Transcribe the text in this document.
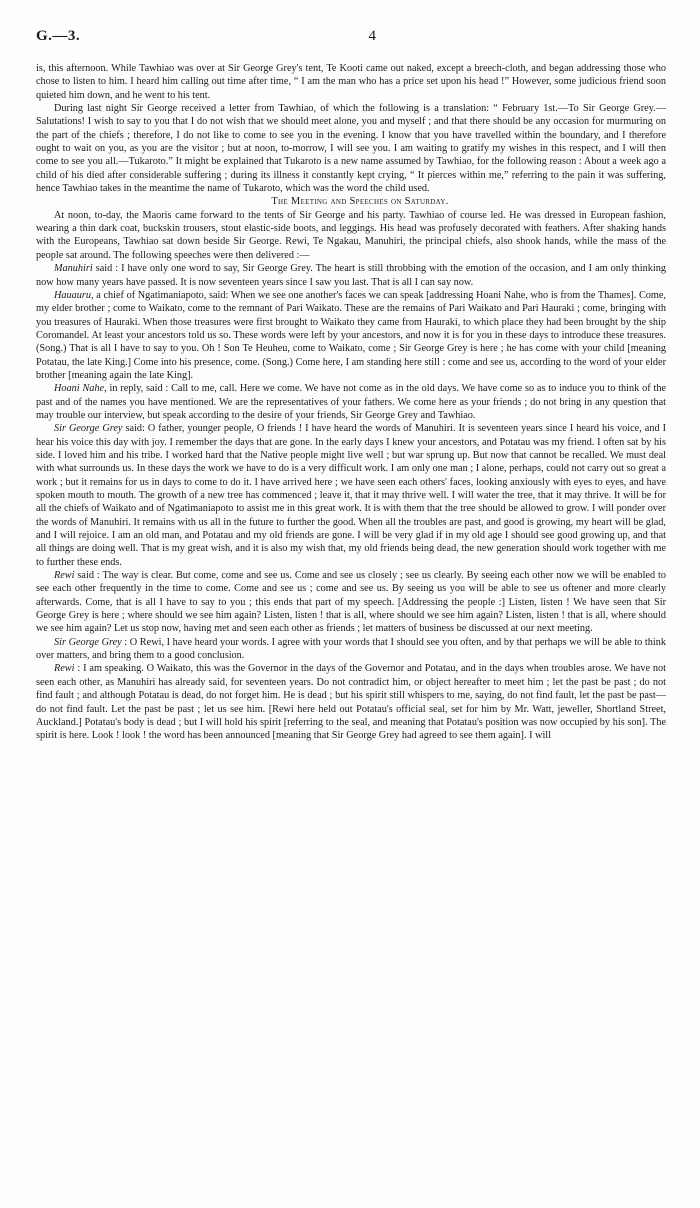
G.—3.	4

is, this afternoon. While Tawhiao was over at Sir George Grey's tent, Te Kooti came out naked, except a breech-cloth, and began addressing those who chose to listen to him. I heard him calling out time after time, “ I am the man who has a price set upon his head !” However, some judicious friend soon quieted him down, and he went to his tent.

During last night Sir George received a letter from Tawhiao, of which the following is a translation: “ February 1st.—To Sir George Grey.—Salutations! I wish to say to you that I do not wish that we should meet alone, you and myself ; and that there should be any occasion for murmuring on the part of the chiefs ; therefore, I do not like to come to see you in the evening. I know that you have travelled within the boundary, and I therefore ought to wait on you, as you are the visitor ; but at noon, to-morrow, I will see you. I am waiting to gratify my wishes in this respect, and I will then come to see you all.—Tukaroto.” It might be explained that Tukaroto is a new name assumed by Tawhiao, for the following reason : About a week ago a child of his died after considerable suffering ; during its illness it constantly kept crying, “ It pierces within me,” referring to the pain it was suffering, hence Tawhiao takes in the meantime the name of Tukaroto, which was the word the child used.

The Meeting and Speeches on Saturday.

At noon, to-day, the Maoris came forward to the tents of Sir George and his party. Tawhiao of course led. He was dressed in European fashion, wearing a thin dark coat, buckskin trousers, stout elastic-side boots, and leggings. His head was profusely decorated with feathers. After shaking hands with the Europeans, Tawhiao sat down beside Sir George. Rewi, Te Ngakau, Manuhiri, the principal chiefs, also shook hands, while the mass of the people sat around. The following speeches were then delivered :—

Manuhiri said : I have only one word to say, Sir George Grey. The heart is still throbbing with the emotion of the occasion, and I am only thinking now how many years have passed. It is now seventeen years since I saw you last. That is all I can say now.

Hauauru, a chief of Ngatimaniapoto, said: When we see one another's faces we can speak [addressing Hoani Nahe, who is from the Thames]. Come, my elder brother ; come to Waikato, come to the remnant of Pari Waikato. These are the remains of Pari Waikato and Pari Hauraki ; come, bringing with you treasures of Hauraki. When those treasures were first brought to Waikato they came from Hauraki, to which place they had been brought by the ship Coromandel. At least your ancestors told us so. These words were left by your ancestors, and now it is for you in these days to introduce these treasures. (Song.) That is all I have to say to you. Oh ! Son Te Heuheu, come to Waikato, come ; Sir George Grey is here ; he has come with your child [meaning Potatau, the late King.] Come into his presence, come. (Song.) Come here, I am standing here still : come and see us, according to the word of your elder brother [meaning again the late King].

Hoani Nahe, in reply, said : Call to me, call. Here we come. We have not come as in the old days. We have come so as to induce you to think of the past and of the names you have mentioned. We are the representatives of your fathers. We come here as your friends ; do not bring in any question that may trouble our interview, but speak according to the desire of your friends, Sir George Grey and Tawhiao.

Sir George Grey said: O father, younger people, O friends ! I have heard the words of Manuhiri. It is seventeen years since I heard his voice, and I hear his voice this day with joy. I remember the days that are gone. In the early days I knew your ancestors, and Potatau was my friend. I often sat by his side. I loved him and his tribe. I worked hard that the Native people might live well ; but war sprung up. But now that cannot be recalled. We must deal with what surrounds us. In these days the work we have to do is a very difficult work. I am only one man ; I alone, perhaps, could not carry out so great a work ; but it remains for us in days to come to do it. I have arrived here ; we have seen each others' faces, looking anxiously with eyes to eyes, and have spoken mouth to mouth. The growth of a new tree has commenced ; leave it, that it may thrive well. I will water the tree, that it may thrive. It will be for all the chiefs of Waikato and of Ngatimaniapoto to assist me in this great work. It is with them that the tree should be allowed to grow. I will ponder over the words of Manuhiri. It remains with us all in the future to further the good. When all the troubles are past, and good is growing, my heart will be glad, and I will rejoice. I am an old man, and Potatau and my old friends are gone. I will be very glad if in my old age I should see good growing up, and that all things are doing well. That is my great wish, and it is also my wish that, my old friends being dead, the new generation should work together with me to further these ends.

Rewi said : The way is clear. But come, come and see us. Come and see us closely ; see us clearly. By seeing each other now we will be enabled to see each other frequently in the time to come. Come and see us ; come and see us. By seeing us you will be able to see us oftener and more clearly afterwards. Come, that is all I have to say to you ; this ends that part of my speech. [Addressing the people :] Listen, listen ! We have seen that Sir George Grey is here ; where should we see him again? Listen, listen ! that is all, where should we see him again? Listen, listen ! that is all, where should we see him again? Let us stop now, having met and seen each other as friends ; let matters of business be discussed at our next meeting.

Sir George Grey : O Rewi, I have heard your words. I agree with your words that I should see you often, and by that perhaps we will be able to think over matters, and bring them to a good conclusion.

Rewi : I am speaking. O Waikato, this was the Governor in the days of the Governor and Potatau, and in the days when troubles arose. We have not seen each other, as Manuhiri has already said, for seventeen years. Do not contradict him, or object hereafter to meet him ; let the past be past ; do not find fault ; and although Potatau is dead, do not forget him. He is dead ; but his spirit still whispers to me, saying, do not find fault, let the past be past—do not find fault. Let the past be past ; let us see him. [Rewi here held out Potatau's official seal, set for him by Mr. Watt, jeweller, Shortland Street, Auckland.] Potatau's body is dead ; but I will hold his spirit [referring to the seal, and meaning that Potatau's position was now occupied by his son]. The spirit is here. Look ! look ! the word has been announced [meaning that Sir George Grey had agreed to see them again]. I will
